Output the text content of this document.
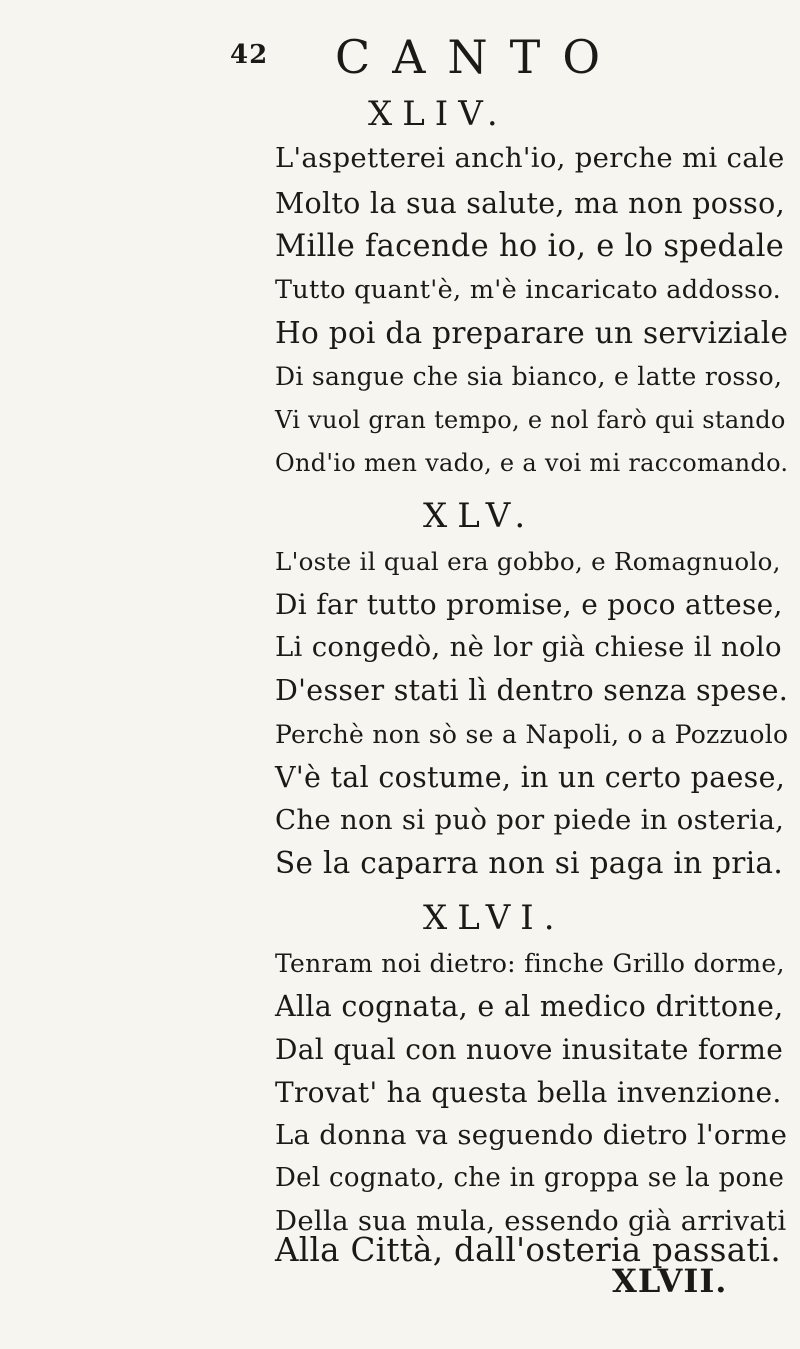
42 CANTO
XLIV.
L'aspetterei anch'io, perche mi cale
Molto la sua salute, ma non posso,
Mille facende ho io, e lo spedale
Tutto quant'è, m'è incaricato addosso.
Ho poi da preparare un serviziale
Di sangue che sia bianco, e latte rosso,
Vi vuol gran tempo, e nol farò qui stando
Ond'io men vado, e a voi mi raccomando.
XLV.
L'oste il qual era gobbo, e Romagnuolo,
Di far tutto promise, e poco attese,
Li congedò, nè lor già chiese il nolo
D'esser stati lì dentro senza spese.
Perchè non sò se a Napoli, o a Pozzuolo
V'è tal costume, in un certo paese,
Che non si può por piede in osteria,
Se la caparra non si paga in pria.
XLVI.
Tenram noi dietro: finche Grillo dorme,
Alla cognata, e al medico drittone,
Dal qual con nuove inusitate forme
Trovat' ha questa bella invenzione.
La donna va seguendo dietro l'orme
Del cognato, che in groppa se la pone
Della sua mula, essendo già arrivati
Alla Città, dall'osteria passati.
XLVII.
